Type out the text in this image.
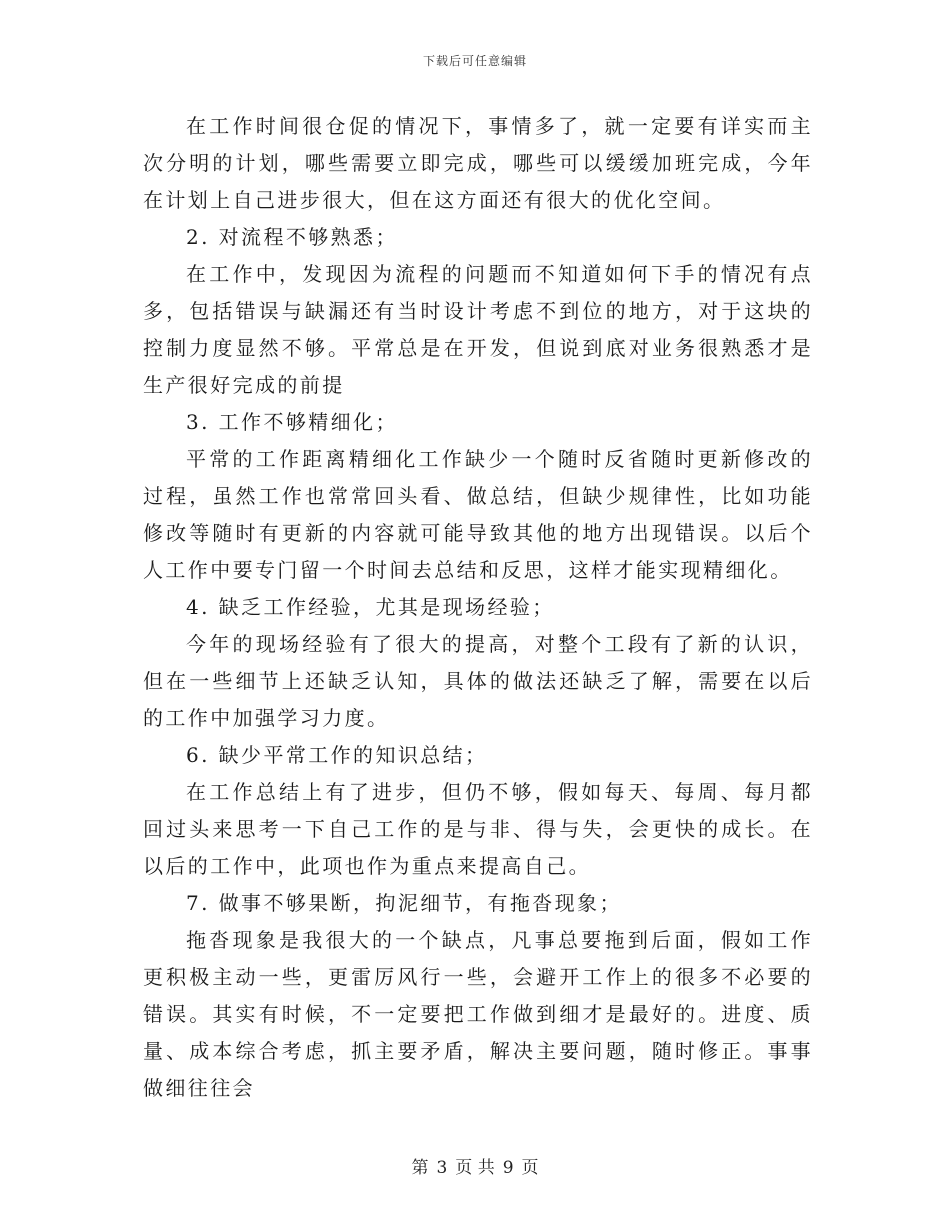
下载后可任意编辑

在工作时间很仓促的情况下，事情多了，就一定要有详实而主次分明的计划，哪些需要立即完成，哪些可以缓缓加班完成，今年在计划上自己进步很大，但在这方面还有很大的优化空间。

2. 对流程不够熟悉；

在工作中，发现因为流程的问题而不知道如何下手的情况有点多，包括错误与缺漏还有当时设计考虑不到位的地方，对于这块的控制力度显然不够。平常总是在开发，但说到底对业务很熟悉才是生产很好完成的前提

3. 工作不够精细化；

平常的工作距离精细化工作缺少一个随时反省随时更新修改的过程，虽然工作也常常回头看、做总结，但缺少规律性，比如功能修改等随时有更新的内容就可能导致其他的地方出现错误。以后个人工作中要专门留一个时间去总结和反思，这样才能实现精细化。

4. 缺乏工作经验，尤其是现场经验；

今年的现场经验有了很大的提高，对整个工段有了新的认识，但在一些细节上还缺乏认知，具体的做法还缺乏了解，需要在以后的工作中加强学习力度。

6. 缺少平常工作的知识总结；

在工作总结上有了进步，但仍不够，假如每天、每周、每月都回过头来思考一下自己工作的是与非、得与失，会更快的成长。在以后的工作中，此项也作为重点来提高自己。

7. 做事不够果断，拘泥细节，有拖沓现象；

拖沓现象是我很大的一个缺点，凡事总要拖到后面，假如工作更积极主动一些，更雷厉风行一些，会避开工作上的很多不必要的错误。其实有时候，不一定要把工作做到细才是最好的。进度、质量、成本综合考虑，抓主要矛盾，解决主要问题，随时修正。事事做细往往会

第 3 页 共 9 页
